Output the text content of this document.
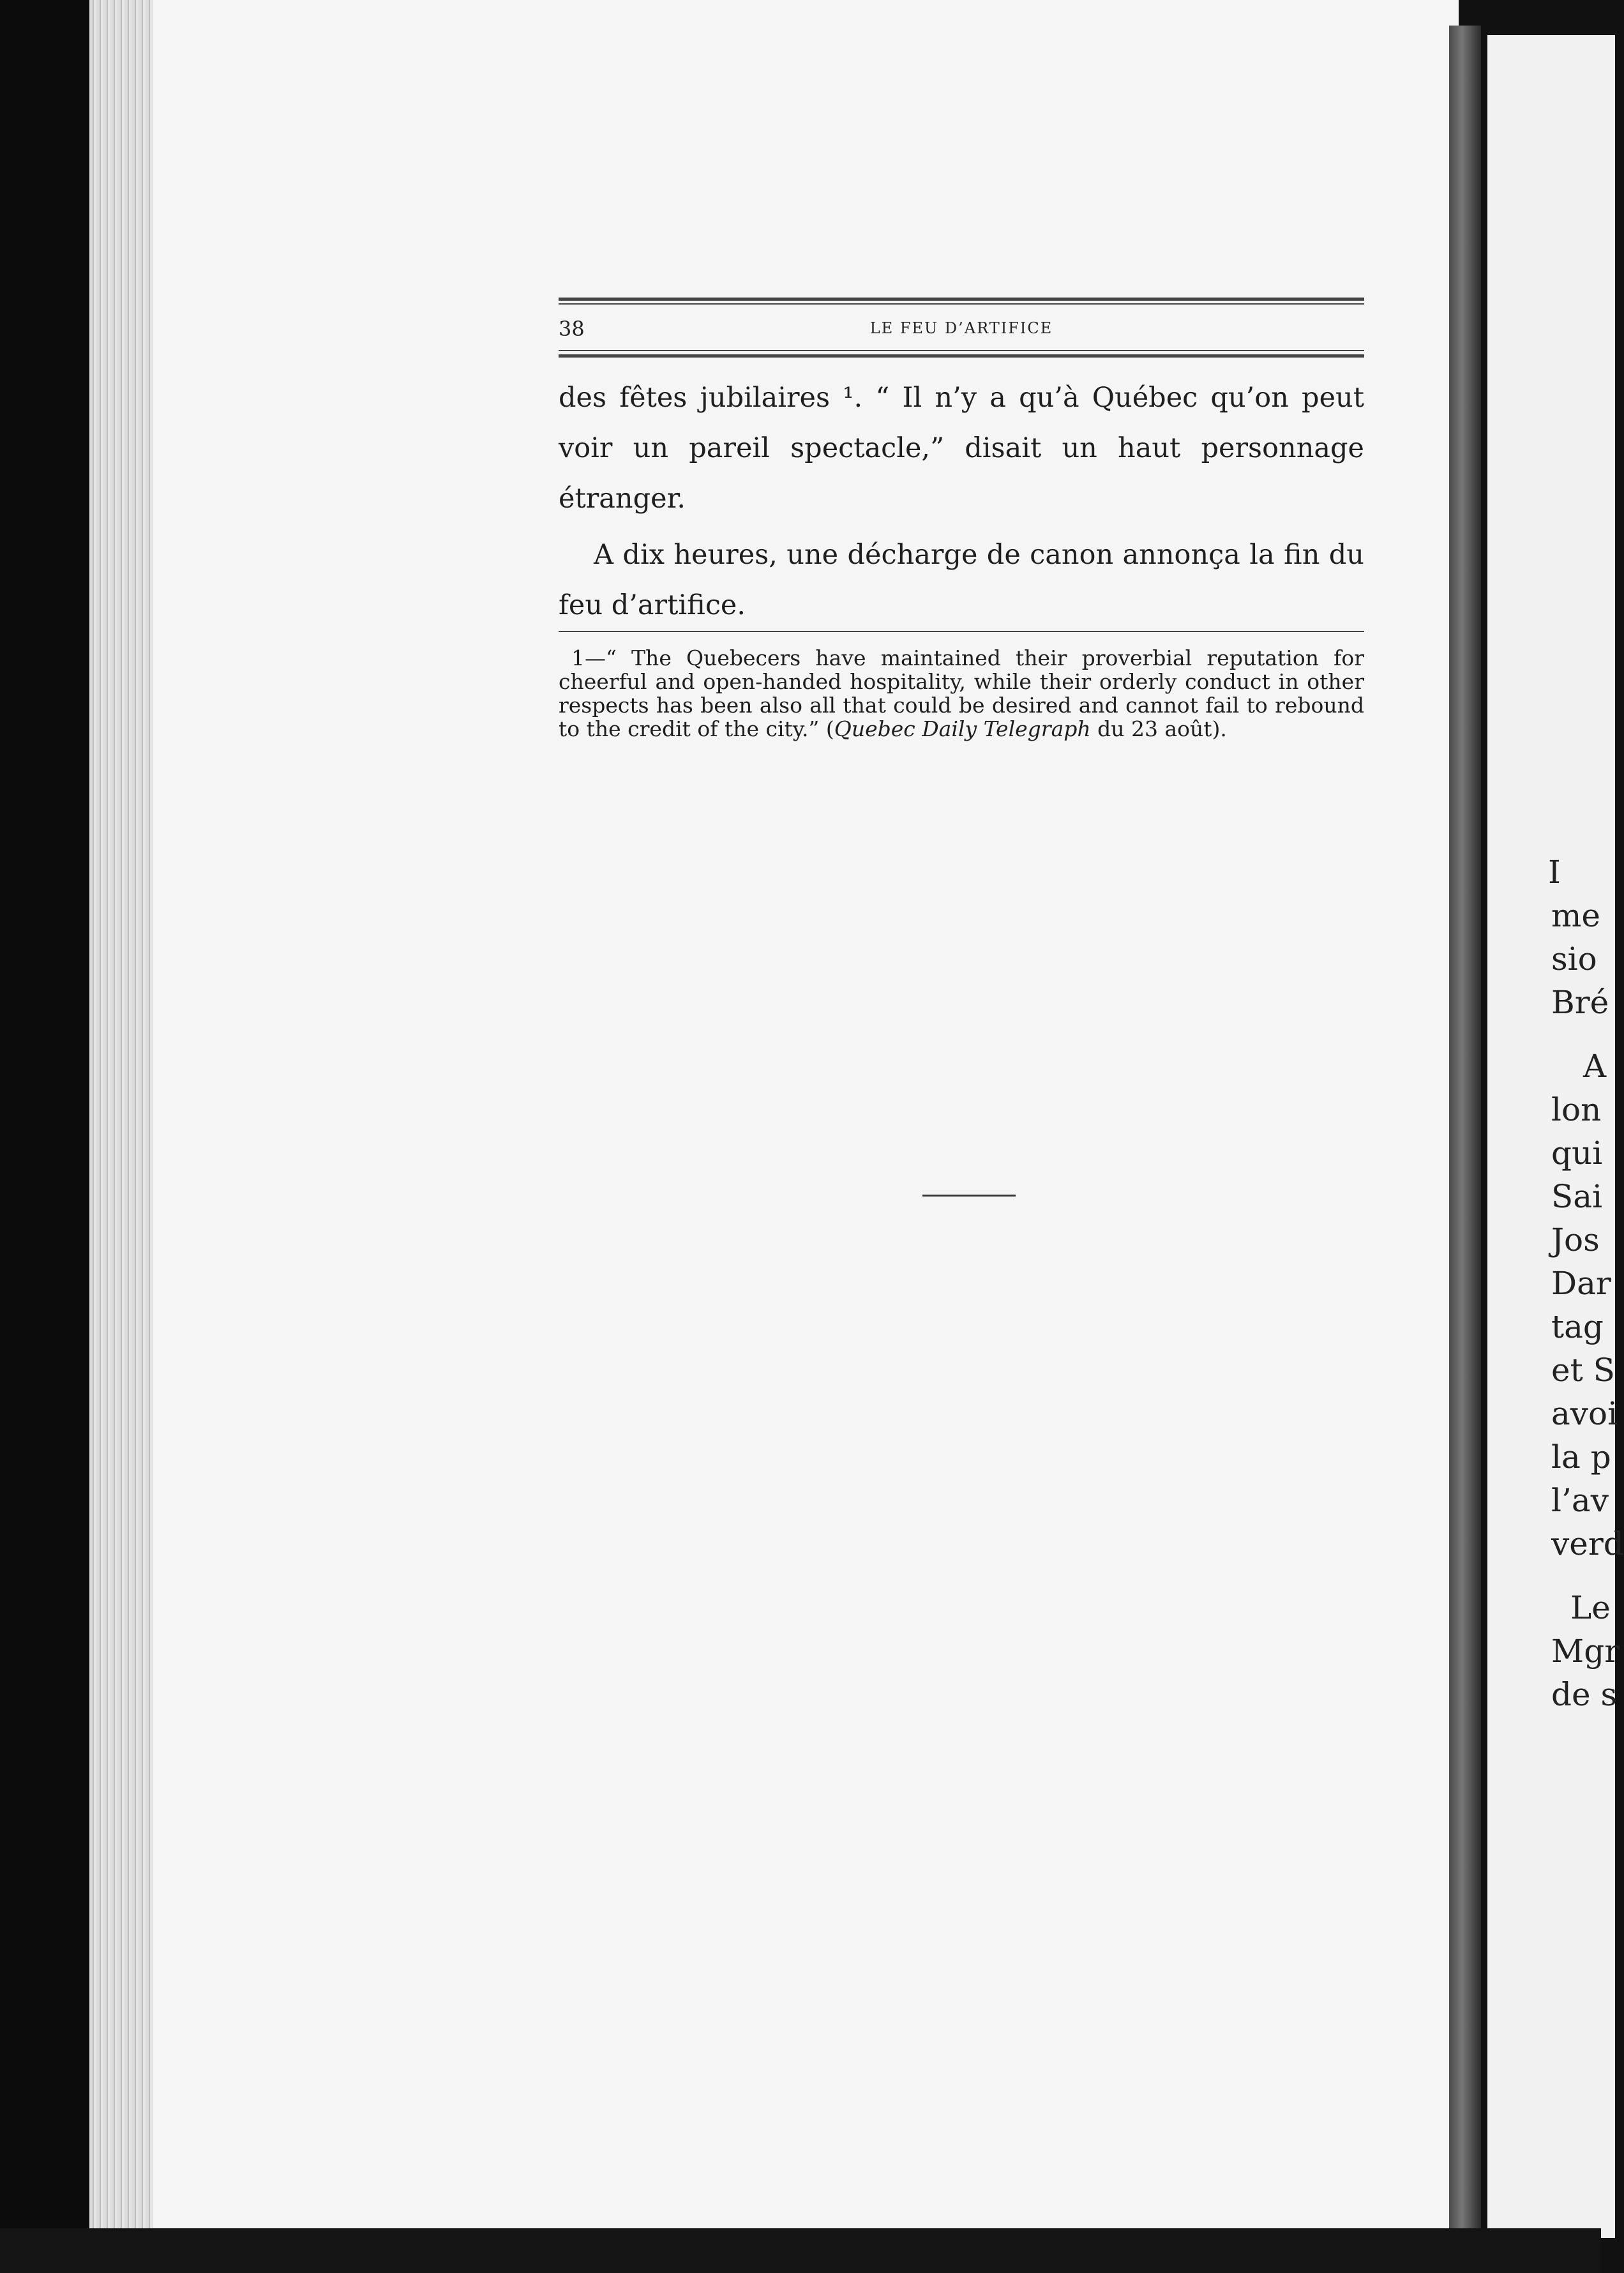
I
me
sio
Bré
A
lon
qui
Sai
Jos
Dar
tag
et S
avoi
la p
l’av
verd
Le
Mgr
de s
38	LE FEU D’ARTIFICE

des fêtes jubilaires ¹. “ Il n’y a qu’à Québec qu’on peut voir un pareil spectacle,” disait un haut personnage étranger.

A dix heures, une décharge de canon annonça la fin du feu d’artifice.

1—“ The Quebecers have maintained their proverbial reputation for cheerful and open-handed hospitality, while their orderly conduct in other respects has been also all that could be desired and cannot fail to rebound to the credit of the city.” (Quebec Daily Telegraph du 23 août).
